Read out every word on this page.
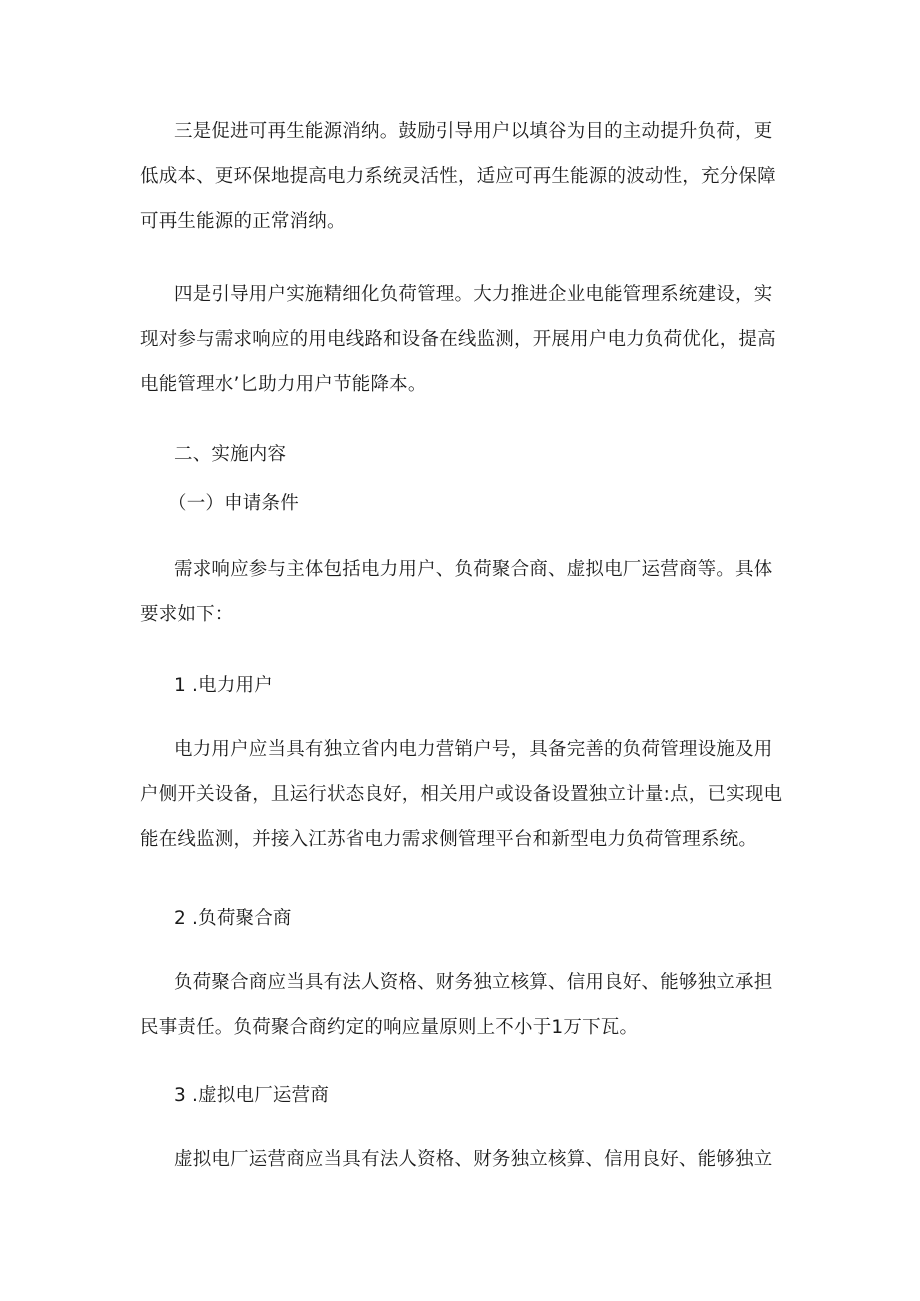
三是促进可再生能源消纳。鼓励引导用户以填谷为目的主动提升负荷，更低成本、更环保地提高电力系统灵活性，适应可再生能源的波动性，充分保障可再生能源的正常消纳。

四是引导用户实施精细化负荷管理。大力推进企业电能管理系统建设，实现对参与需求响应的用电线路和设备在线监测，开展用户电力负荷优化，提高电能管理水’匕助力用户节能降本。

二、实施内容

（一）申请条件

需求响应参与主体包括电力用户、负荷聚合商、虚拟电厂运营商等。具体要求如下：

1 .电力用户

电力用户应当具有独立省内电力营销户号，具备完善的负荷管理设施及用户侧开关设备，且运行状态良好，相关用户或设备设置独立计量:点，已实现电能在线监测，并接入江苏省电力需求侧管理平台和新型电力负荷管理系统。

2 .负荷聚合商

负荷聚合商应当具有法人资格、财务独立核算、信用良好、能够独立承担民事责任。负荷聚合商约定的响应量原则上不小于1万下瓦。

3 .虚拟电厂运营商

虚拟电厂运营商应当具有法人资格、财务独立核算、信用良好、能够独立
